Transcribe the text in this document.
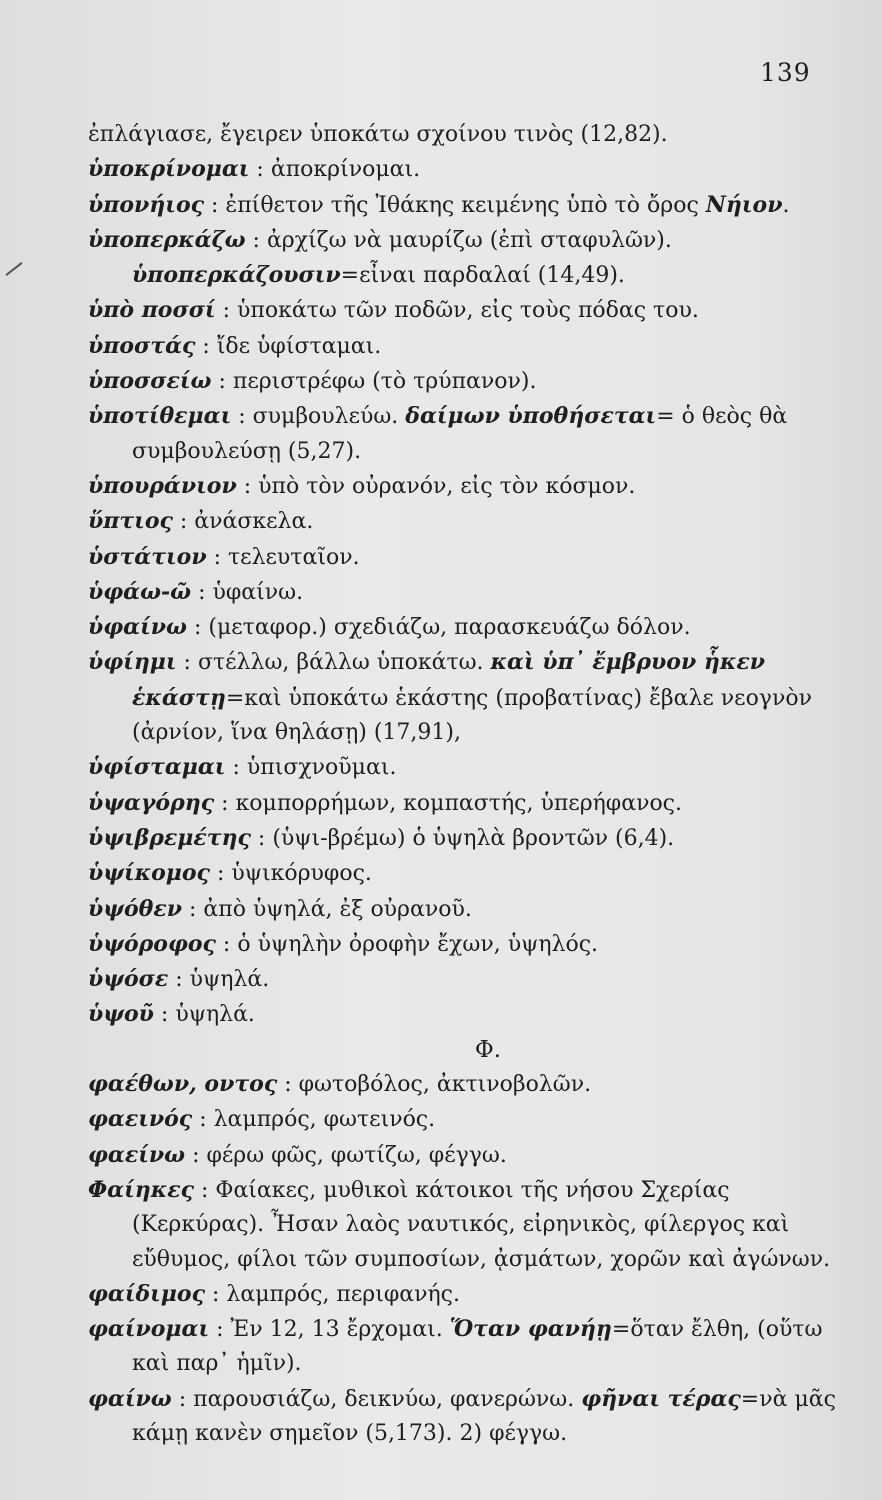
139
ἐπλάγιασε, ἔγειρεν ὑποκάτω σχοίνου τινὸς (12,82).
ὑποκρίνομαι : ἀποκρίνομαι.
ὑπονήιος : ἐπίθετον τῆς Ἰθάκης κειμένης ὑπὸ τὸ ὄρος Νήιον.
ὑποπερκάζω : ἀρχίζω νὰ μαυρίζω (ἐπὶ σταφυλῶν). ὑποπερκάζουσιν=εἶναι παρδαλαί (14,49).
ὑπὸ ποσσί : ὑποκάτω τῶν ποδῶν, εἰς τοὺς πόδας του.
ὑποστάς : ἴδε ὑφίσταμαι.
ὑποσσείω : περιστρέφω (τὸ τρύπανον).
ὑποτίθεμαι : συμβουλεύω. δαίμων ὑποθήσεται= ὁ θεὸς θὰ συμβουλεύσῃ (5,27).
ὑπουράνιον : ὑπὸ τὸν οὐρανόν, εἰς τὸν κόσμον.
ὕπτιος : ἀνάσκελα.
ὑστάτιον : τελευταῖον.
ὑφάω-ῶ : ὑφαίνω.
ὑφαίνω : (μεταφορ.) σχεδιάζω, παρασκευάζω δόλον.
ὑφίημι : στέλλω, βάλλω ὑποκάτω. καὶ ὑπ᾽ ἔμβρυον ἧκεν ἑκάστῃ=καὶ ὑποκάτω ἑκάστης (προβατίνας) ἔβαλε νεογνὸν (ἀρνίον, ἵνα θηλάσῃ) (17,91),
ὑφίσταμαι : ὑπισχνοῦμαι.
ὑψαγόρης : κομπορρήμων, κομπαστής, ὑπερήφανος.
ὑψιβρεμέτης : (ὑψι-βρέμω) ὁ ὑψηλὰ βροντῶν (6,4).
ὑψίκομος : ὑψικόρυφος.
ὑψόθεν : ἀπὸ ὑψηλά, ἐξ οὐρανοῦ.
ὑψόροφος : ὁ ὑψηλὴν ὀροφὴν ἔχων, ὑψηλός.
ὑψόσε : ὑψηλά.
ὑψοῦ : ὑψηλά.
Φ.
φαέθων, οντος : φωτοβόλος, ἀκτινοβολῶν.
φαεινός : λαμπρός, φωτεινός.
φαείνω : φέρω φῶς, φωτίζω, φέγγω.
Φαίηκες : Φαίακες, μυθικοὶ κάτοικοι τῆς νήσου Σχερίας (Κερκύρας). Ἦσαν λαὸς ναυτικός, εἰρηνικὸς, φίλεργος καὶ εὔθυμος, φίλοι τῶν συμποσίων, ᾀσμάτων, χορῶν καὶ ἀγώνων.
φαίδιμος : λαμπρός, περιφανής.
φαίνομαι : Ἐν 12, 13 ἔρχομαι. Ὅταν φανήῃ=ὅταν ἔλθη, (οὕτω καὶ παρ᾽ ἡμῖν).
φαίνω : παρουσιάζω, δεικνύω, φανερώνω. φῆναι τέρας=νὰ μᾶς κάμῃ κανὲν σημεῖον (5,173). 2) φέγγω.
